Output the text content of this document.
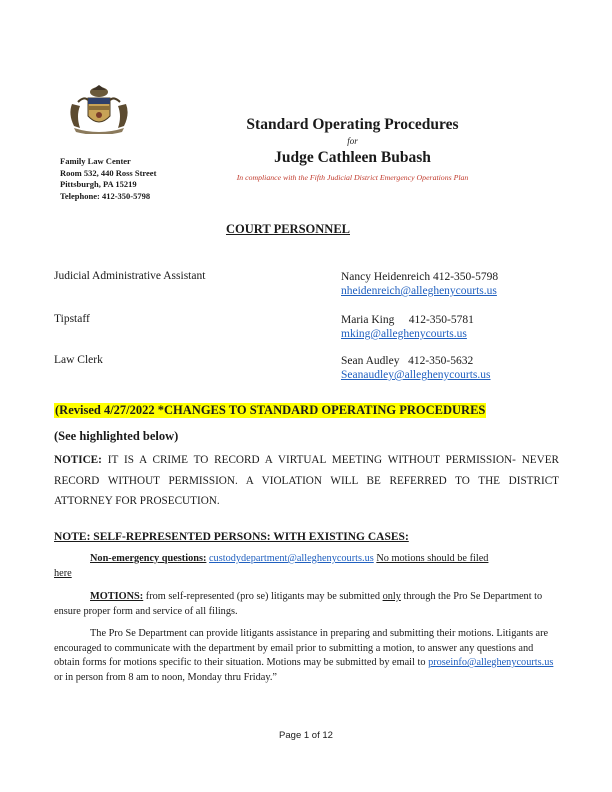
Family Law Center
Room 532, 440 Ross Street
Pittsburgh, PA 15219
Telephone: 412-350-5798
Standard Operating Procedures
for
Judge Cathleen Bubash
In compliance with the Fifth Judicial District Emergency Operations Plan
COURT PERSONNEL
Judicial Administrative Assistant	Nancy Heidenreich 412-350-5798
nheidenreich@alleghenycourts.us
Tipstaff	Maria King 412-350-5781
mking@alleghenycourts.us
Law Clerk	Sean Audley 412-350-5632
Seanaudley@alleghenycourts.us
(Revised 4/27/2022 *CHANGES TO STANDARD OPERATING PROCEDURES
(See highlighted below)
NOTICE: IT IS A CRIME TO RECORD A VIRTUAL MEETING WITHOUT PERMISSION- NEVER RECORD WITHOUT PERMISSION. A VIOLATION WILL BE REFERRED TO THE DISTRICT ATTORNEY FOR PROSECUTION.
NOTE: SELF-REPRESENTED PERSONS: WITH EXISTING CASES:
Non-emergency questions: custodydepartment@alleghenycourts.us No motions should be filed
here
MOTIONS: from self-represented (pro se) litigants may be submitted only through the Pro Se Department to ensure proper form and service of all filings.
The Pro Se Department can provide litigants assistance in preparing and submitting their motions. Litigants are encouraged to communicate with the department by email prior to submitting a motion, to answer any questions and obtain forms for motions specific to their situation. Motions may be submitted by email to proseinfo@alleghenycourts.us or in person from 8 am to noon, Monday thru Friday.”
Page 1 of 12
